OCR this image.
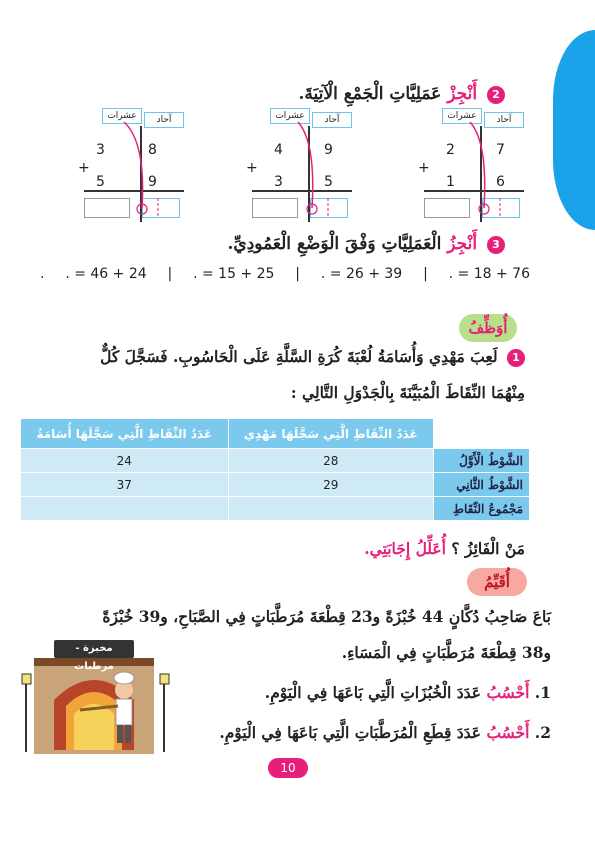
2 أَنْجِزْ عَمَلِيَّاتِ الْجَمْعِ الْآتِيَةَ.
آحاد
عشرات
2	7
+
1	6
آحاد
عشرات
4	9
+
3	5
آحاد
عشرات
3	8
+
5	9
3 أَنْجِزُ الْعَمَلِيَّاتِ وَفْقَ الْوَضْعِ الْعَمُودِيِّ.
. . = 46 + 24 | . = 15 + 25 | . = 26 + 39 | . = 18 + 76
أُوَظِّفُ
1 لَعِبَ مَهْدِي وَأُسَامَةُ لُعْبَةَ كُرَةِ السَّلَّةِ عَلَى الْحَاسُوبِ. فَسَجَّلَ كُلٌّ
مِنْهُمَا النِّقَاطَ الْمُبَيَّنَةَ بِالْجَدْوَلِ التَّالِي :
	عَدَدُ النِّقَاطِ الَّتِي سَجَّلَهَا مَهْدِي	عَدَدُ النِّقَاطِ الَّتِي سَجَّلَهَا أُسَامَةُ
الشَّوْطُ الْأَوَّلُ	28	24
الشَّوْطُ الثَّانِي	29	37
مَجْمُوعُ النِّقَاطِ		
مَنْ الْفَائِزُ ؟ أُعَلِّلُ إِجَابَتِي.
أُقَيِّمُ
بَاعَ صَاحِبُ دُكَّانٍ 44 خُبْزَةً و23 قِطْعَةَ مُرَطَّبَاتٍ فِي الصَّبَاحِ، و39 خُبْزَةً
و38 قِطْعَةَ مُرَطَّبَاتٍ فِي الْمَسَاءِ.
1. أَحْسُبُ عَدَدَ الْخُبُزَاتِ الَّتِي بَاعَهَا فِي الْيَوْمِ.
2. أَحْسُبُ عَدَدَ قِطَعِ الْمُرَطَّبَاتِ الَّتِي بَاعَهَا فِي الْيَوْمِ.
مخبزة - مرطبات
10
